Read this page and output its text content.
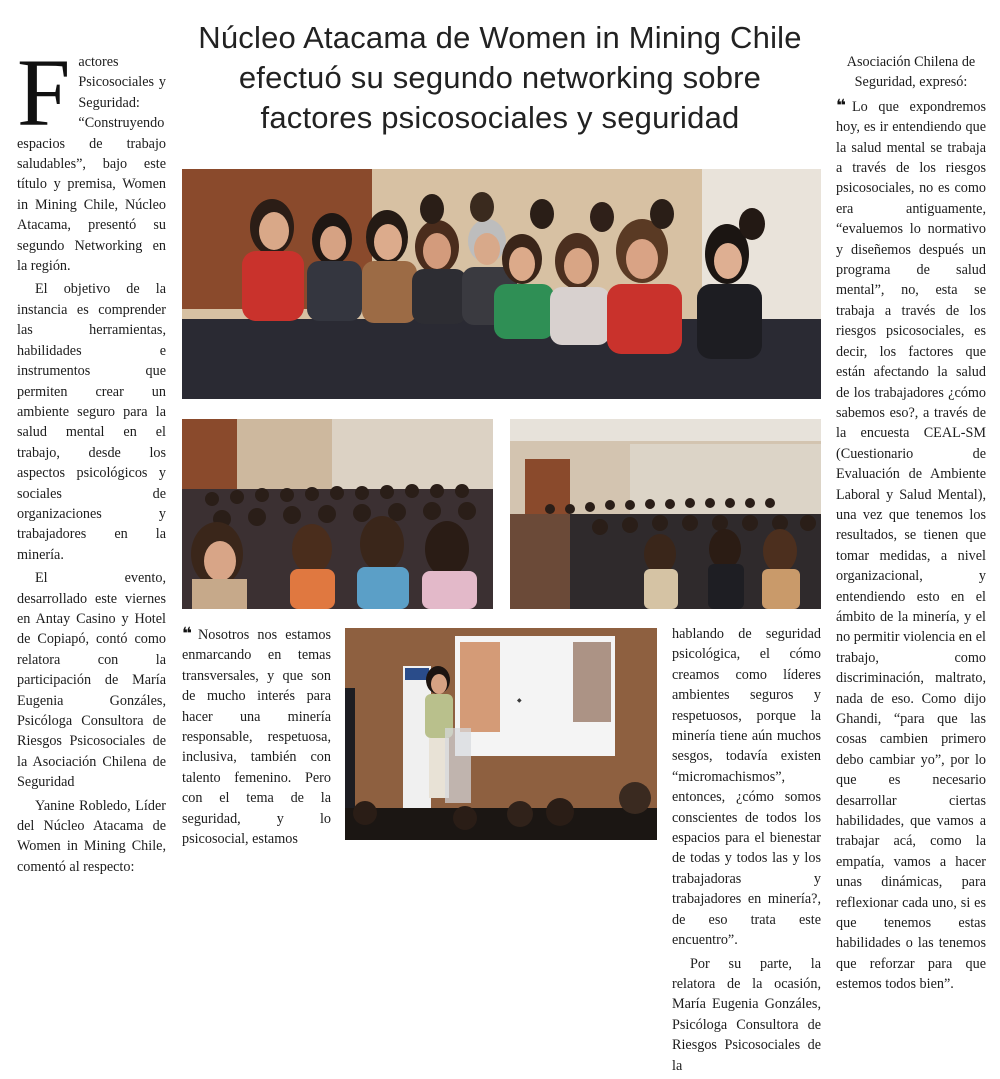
Núcleo Atacama de Women in Mining Chile efectuó su segundo networking sobre factores psicosociales y seguridad

Factores Psicosociales y Seguridad: “Construyendo espacios de trabajo saludables”, bajo este título y premisa, Women in Mining Chile, Núcleo Atacama, presentó su segundo Networking en la región.

El objetivo de la instancia es comprender las herramientas, habilidades e instrumentos que permiten crear un ambiente seguro para la salud mental en el trabajo, desde los aspectos psicológicos y sociales de organizaciones y trabajadores en la minería.

El evento, desarrollado este viernes en Antay Casino y Hotel de Copiapó, contó como relatora con la participación de María Eugenia Gonzáles, Psicóloga Consultora de Riesgos Psicosociales de la Asociación Chilena de Seguridad

Yanine Robledo, Líder del Núcleo Atacama de Women in Mining Chile, comentó al respecto:

❝ Nosotros nos estamos enmarcando en temas transversales, y que son de mucho interés para hacer una minería responsable, respetuosa, inclusiva, también con talento femenino. Pero con el tema de la seguridad, y lo psicosocial, estamos

◆

hablando de seguridad psicológica, el cómo creamos como líderes ambientes seguros y respetuosos, porque la minería tiene aún muchos sesgos, todavía existen “micromachismos”, entonces, ¿cómo somos conscientes de todos los espacios para el bienestar de todas y todos las y los trabajadoras y trabajadores en minería?, de eso trata este encuentro”.

Por su parte, la relatora de la ocasión, María Eugenia Gonzáles, Psicóloga Consultora de Riesgos Psicosociales de la

Asociación Chilena de Seguridad, expresó:

❝ Lo que expondremos hoy, es ir entendiendo que la salud mental se trabaja a través de los riesgos psicosociales, no es como era antiguamente, “evaluemos lo normativo y diseñemos después un programa de salud mental”, no, esta se trabaja a través de los riesgos psicosociales, es decir, los factores que están afectando la salud de los trabajadores ¿cómo sabemos eso?, a través de la encuesta CEAL-SM (Cuestionario de Evaluación de Ambiente Laboral y Salud Mental), una vez que tenemos los resultados, se tienen que tomar medidas, a nivel organizacional, y entendiendo esto en el ámbito de la minería, y el no permitir violencia en el trabajo, como discriminación, maltrato, nada de eso. Como dijo Ghandi, “para que las cosas cambien primero debo cambiar yo”, por lo que es necesario desarrollar ciertas habilidades, que vamos a trabajar acá, como la empatía, vamos a hacer unas dinámicas, para reflexionar cada uno, si es que tenemos estas habilidades o las tenemos que reforzar para que estemos todos bien”.
